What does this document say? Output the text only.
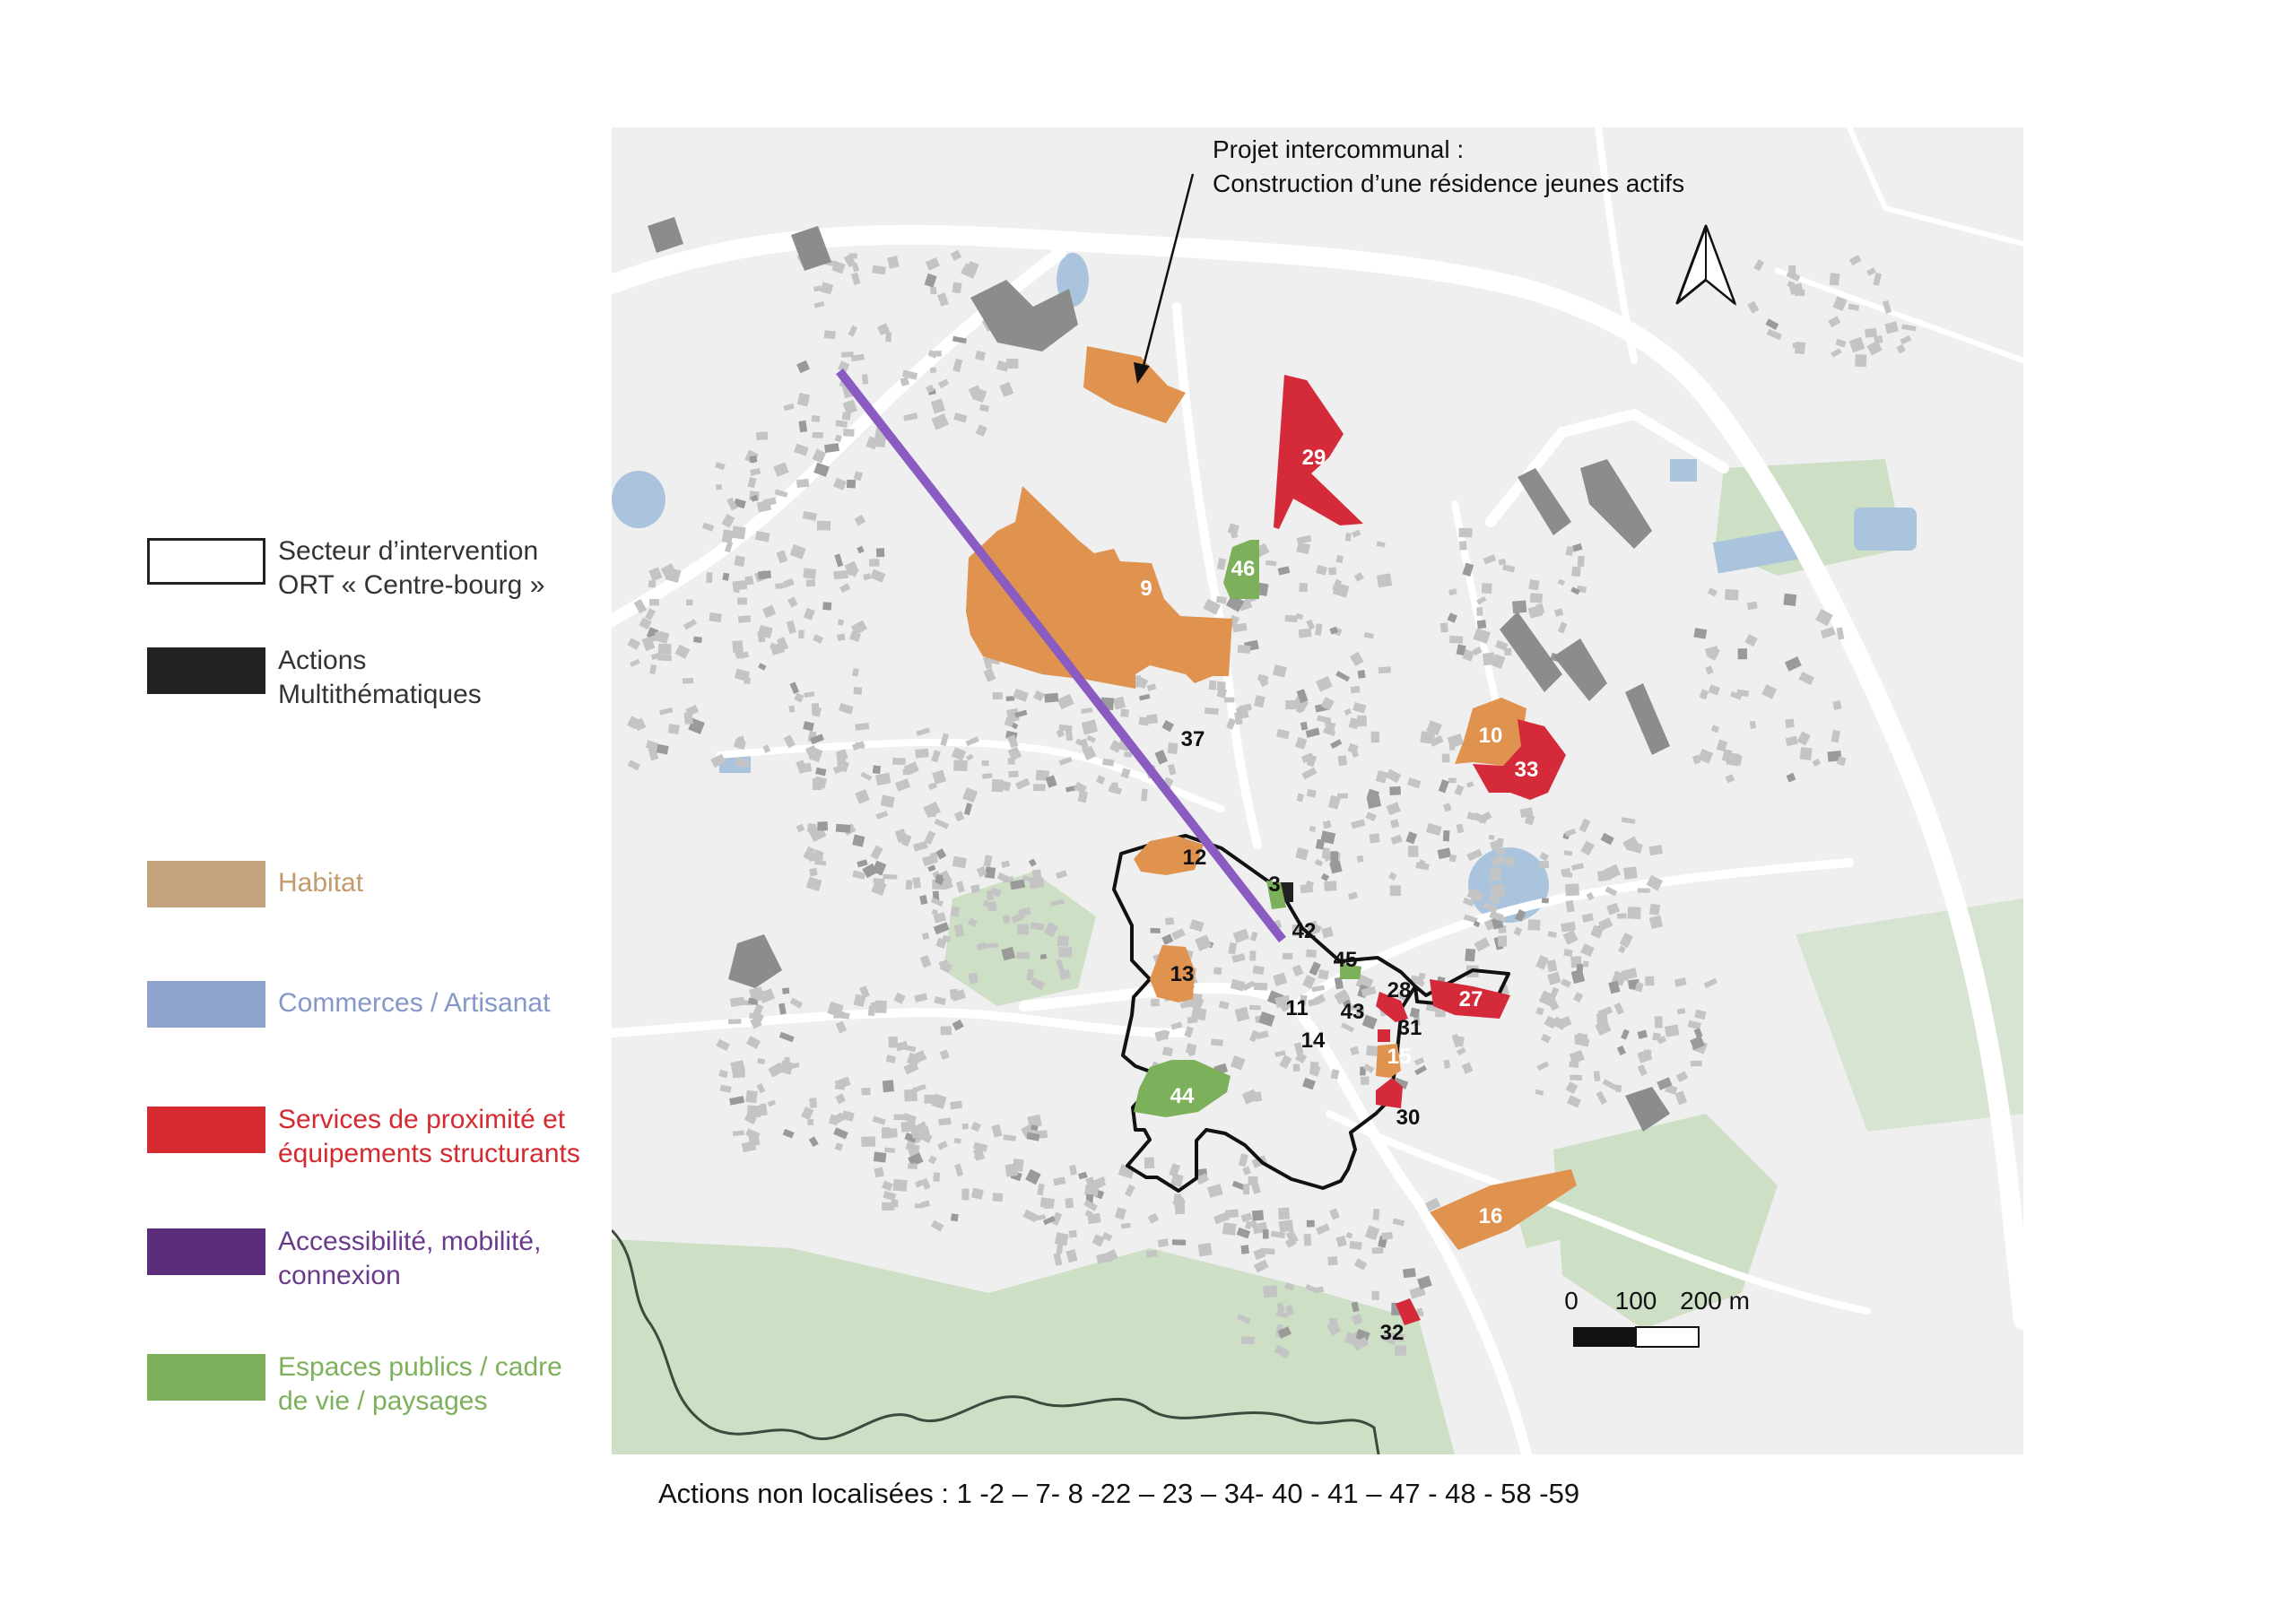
Secteur d’intervention
ORT « Centre-bourg »
Actions
Multithématiques
Habitat
Commerces / Artisanat
Services de proximité et
équipements structurants
Accessibilité, mobilité,
connexion
Espaces publics / cadre
de vie / paysages
9
46
29
10
33
37
12
3
42
45
28 27
13
11 43
31
14
15
44
30
16
32
Projet intercommunal :
Construction d’une résidence jeunes actifs
0 100 200 m
Actions non localisées : 1 -2 – 7- 8 -22 – 23 – 34- 40 - 41 – 47 - 48 - 58 -59
